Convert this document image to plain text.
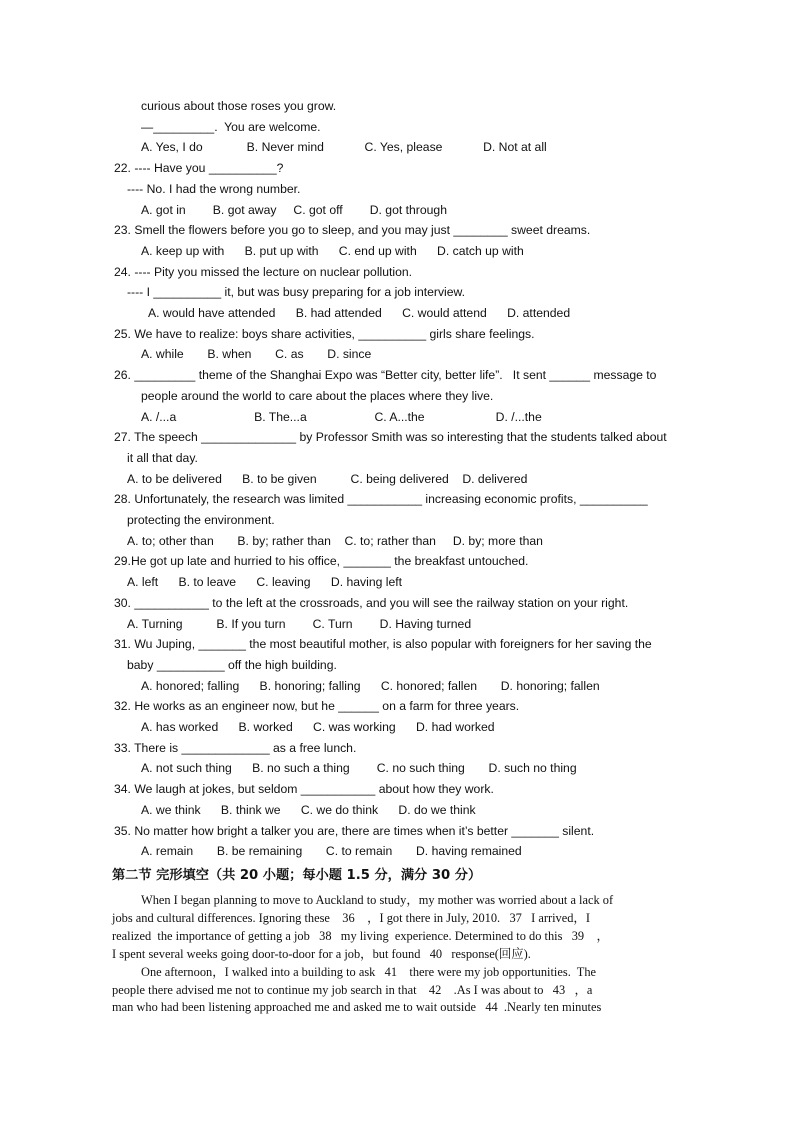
curious about those roses you grow.
—_________.  You are welcome.
A. Yes, I do             B. Never mind            C. Yes, please            D. Not at all
22. ---- Have you __________?
---- No. I had the wrong number.
A. got in        B. got away     C. got off        D. got through
23. Smell the flowers before you go to sleep, and you may just ________ sweet dreams.
A. keep up with      B. put up with      C. end up with      D. catch up with
24. ---- Pity you missed the lecture on nuclear pollution.
---- I __________ it, but was busy preparing for a job interview.
A. would have attended      B. had attended      C. would attend      D. attended
25. We have to realize: boys share activities, __________ girls share feelings.
A. while       B. when       C. as       D. since
26. _________ theme of the Shanghai Expo was “Better city, better life”.   It sent ______ message to
people around the world to care about the places where they live.
A. /...a                       B. The...a                    C. A...the                     D. /...the
27. The speech ______________ by Professor Smith was so interesting that the students talked about
it all that day.
A. to be delivered      B. to be given          C. being delivered    D. delivered
28. Unfortunately, the research was limited ___________ increasing economic profits, __________
protecting the environment.
A. to; other than       B. by; rather than    C. to; rather than     D. by; more than
29.He got up late and hurried to his office, _______ the breakfast untouched.
A. left      B. to leave      C. leaving      D. having left
30. ___________ to the left at the crossroads, and you will see the railway station on your right.
A. Turning          B. If you turn        C. Turn        D. Having turned
31. Wu Juping, _______ the most beautiful mother, is also popular with foreigners for her saving the
baby __________ off the high building.
A. honored; falling      B. honoring; falling      C. honored; fallen       D. honoring; fallen
32. He works as an engineer now, but he ______ on a farm for three years.
A. has worked      B. worked      C. was working      D. had worked
33. There is _____________ as a free lunch.
A. not such thing      B. no such a thing        C. no such thing       D. such no thing
34. We laugh at jokes, but seldom ___________ about how they work.
A. we think      B. think we      C. we do think      D. do we think
35. No matter how bright a talker you are, there are times when it’s better _______ silent.
A. remain       B. be remaining       C. to remain       D. having remained
第二节 完形填空（共 20 小题；每小题 1.5 分，满分 30 分）
When I began planning to move to Auckland to study，my mother was worried about a lack of
jobs and cultural differences. Ignoring these    36    ，I got there in July, 2010.   37   I arrived，I
realized  the importance of getting a job   38   my living  experience. Determined to do this   39    ，
I spent several weeks going door-to-door for a job，but found   40   response(回应).
One afternoon，I walked into a building to ask   41    there were my job opportunities.  The
people there advised me not to continue my job search in that    42    .As I was about to   43   ，a
man who had been listening approached me and asked me to wait outside   44  .Nearly ten minutes
